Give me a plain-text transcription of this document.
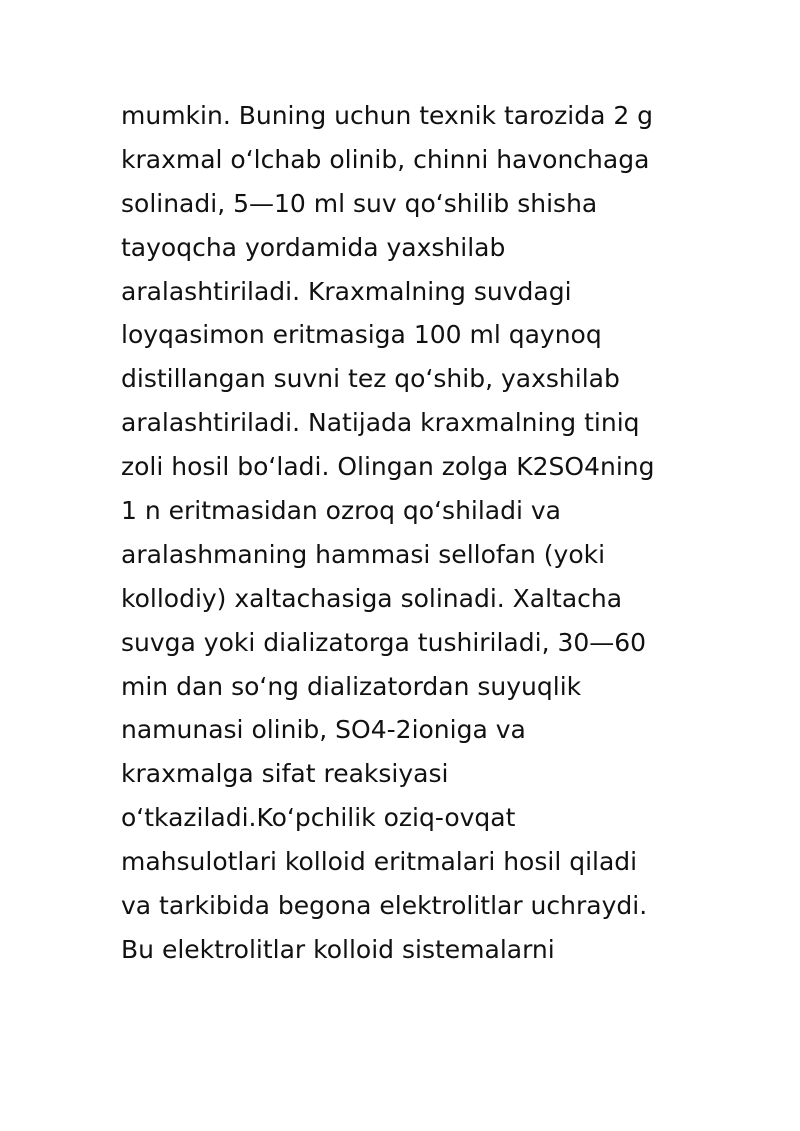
mumkin. Buning uchun texnik tarozida 2 g
kraxmal oʻlchab olinib, chinni havonchaga
solinadi, 5—10 ml suv qoʻshilib shisha
tayoqcha yordamida yaxshilab
aralashtiriladi. Kraxmalning suvdagi
loyqasimon eritmasiga 100 ml qaynoq
distillangan suvni tez qoʻshib, yaxshilab
aralashtiriladi. Natijada kraxmalning tiniq
zoli hosil boʻladi. Olingan zolga K2SO4ning
1 n eritmasidan ozroq qoʻshiladi va
aralashmaning hammasi sellofan (yoki
kollodiy) xaltachasiga solinadi. Xaltacha
suvga yoki dializatorga tushiriladi, 30—60
min dan soʻng dializatordan suyuqlik
namunasi olinib, SO4-2ioniga va
kraxmalga sifat reaksiyasi
oʻtkaziladi.Koʻpchilik oziq-ovqat
mahsulotlari kolloid eritmalari hosil qiladi
va tarkibida begona elektrolitlar uchraydi.
Bu elektrolitlar kolloid sistemalarni
